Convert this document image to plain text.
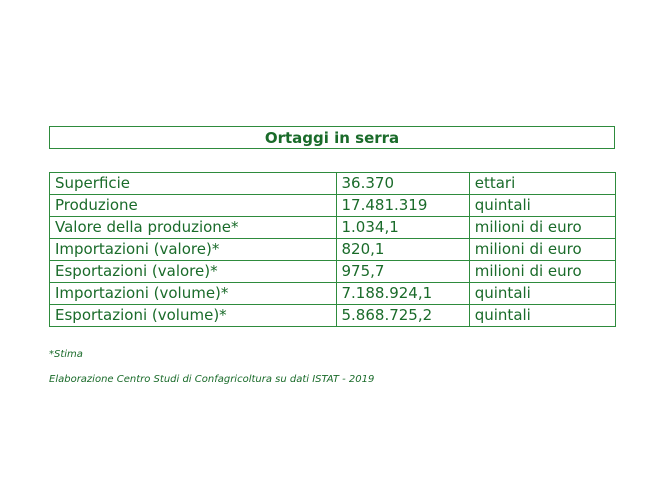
Ortaggi in serra
Superficie	36.370	ettari
Produzione	17.481.319	quintali
Valore della produzione*	1.034,1	milioni di euro
Importazioni (valore)*	820,1	milioni di euro
Esportazioni (valore)*	975,7	milioni di euro
Importazioni (volume)*	7.188.924,1	quintali
Esportazioni (volume)*	5.868.725,2	quintali
*Stima
Elaborazione Centro Studi di Confagricoltura su dati ISTAT - 2019
